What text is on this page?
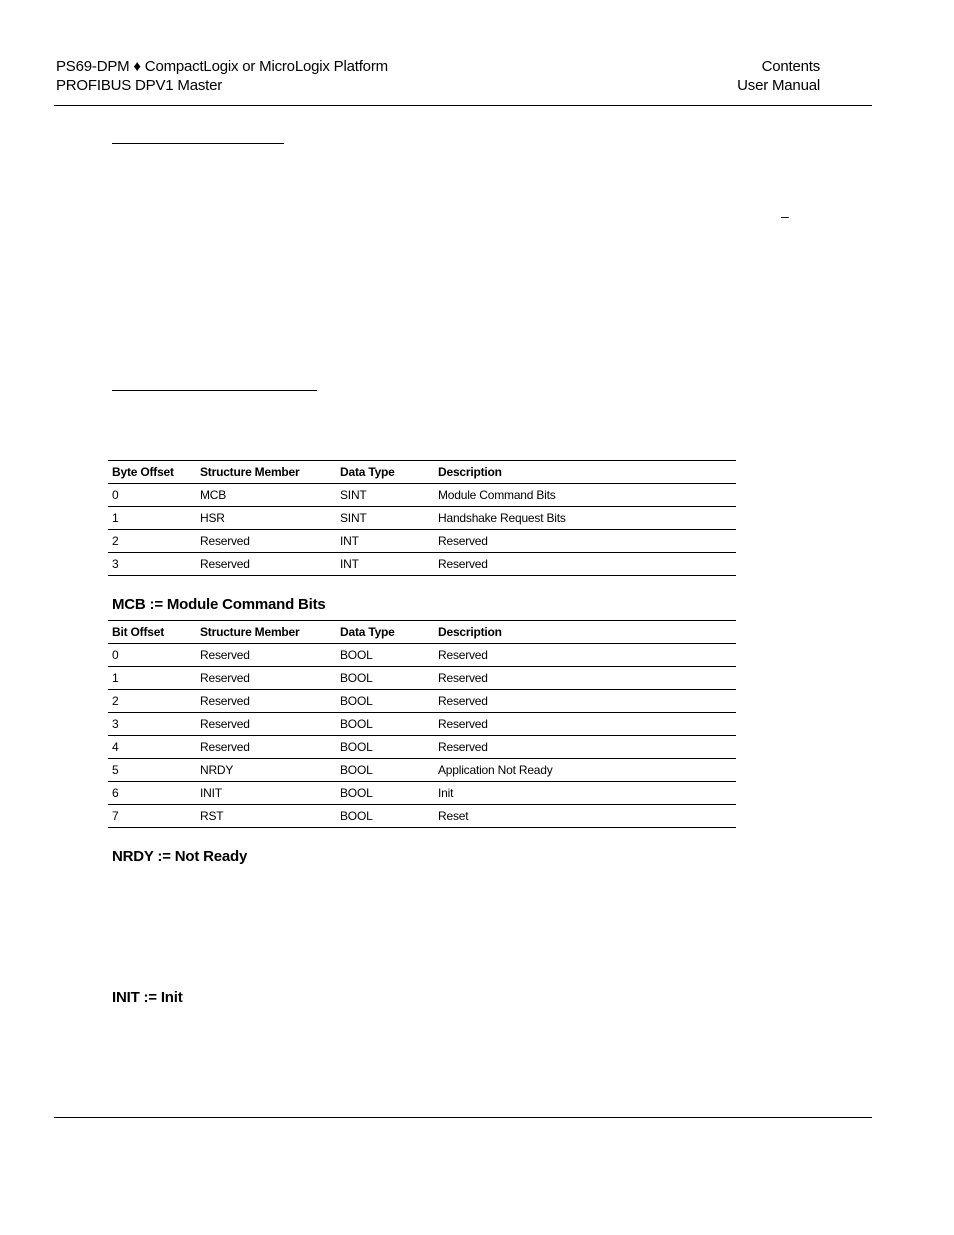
PS69-DPM ♦ CompactLogix or MicroLogix Platform
PROFIBUS DPV1 Master
Contents
User Manual
–
Byte Offset	Structure Member	Data Type	Description
0	MCB	SINT	Module Command Bits
1	HSR	SINT	Handshake Request Bits
2	Reserved	INT	Reserved
3	Reserved	INT	Reserved
MCB := Module Command Bits
Bit Offset	Structure Member	Data Type	Description
0	Reserved	BOOL	Reserved
1	Reserved	BOOL	Reserved
2	Reserved	BOOL	Reserved
3	Reserved	BOOL	Reserved
4	Reserved	BOOL	Reserved
5	NRDY	BOOL	Application Not Ready
6	INIT	BOOL	Init
7	RST	BOOL	Reset
NRDY := Not Ready
INIT := Init
